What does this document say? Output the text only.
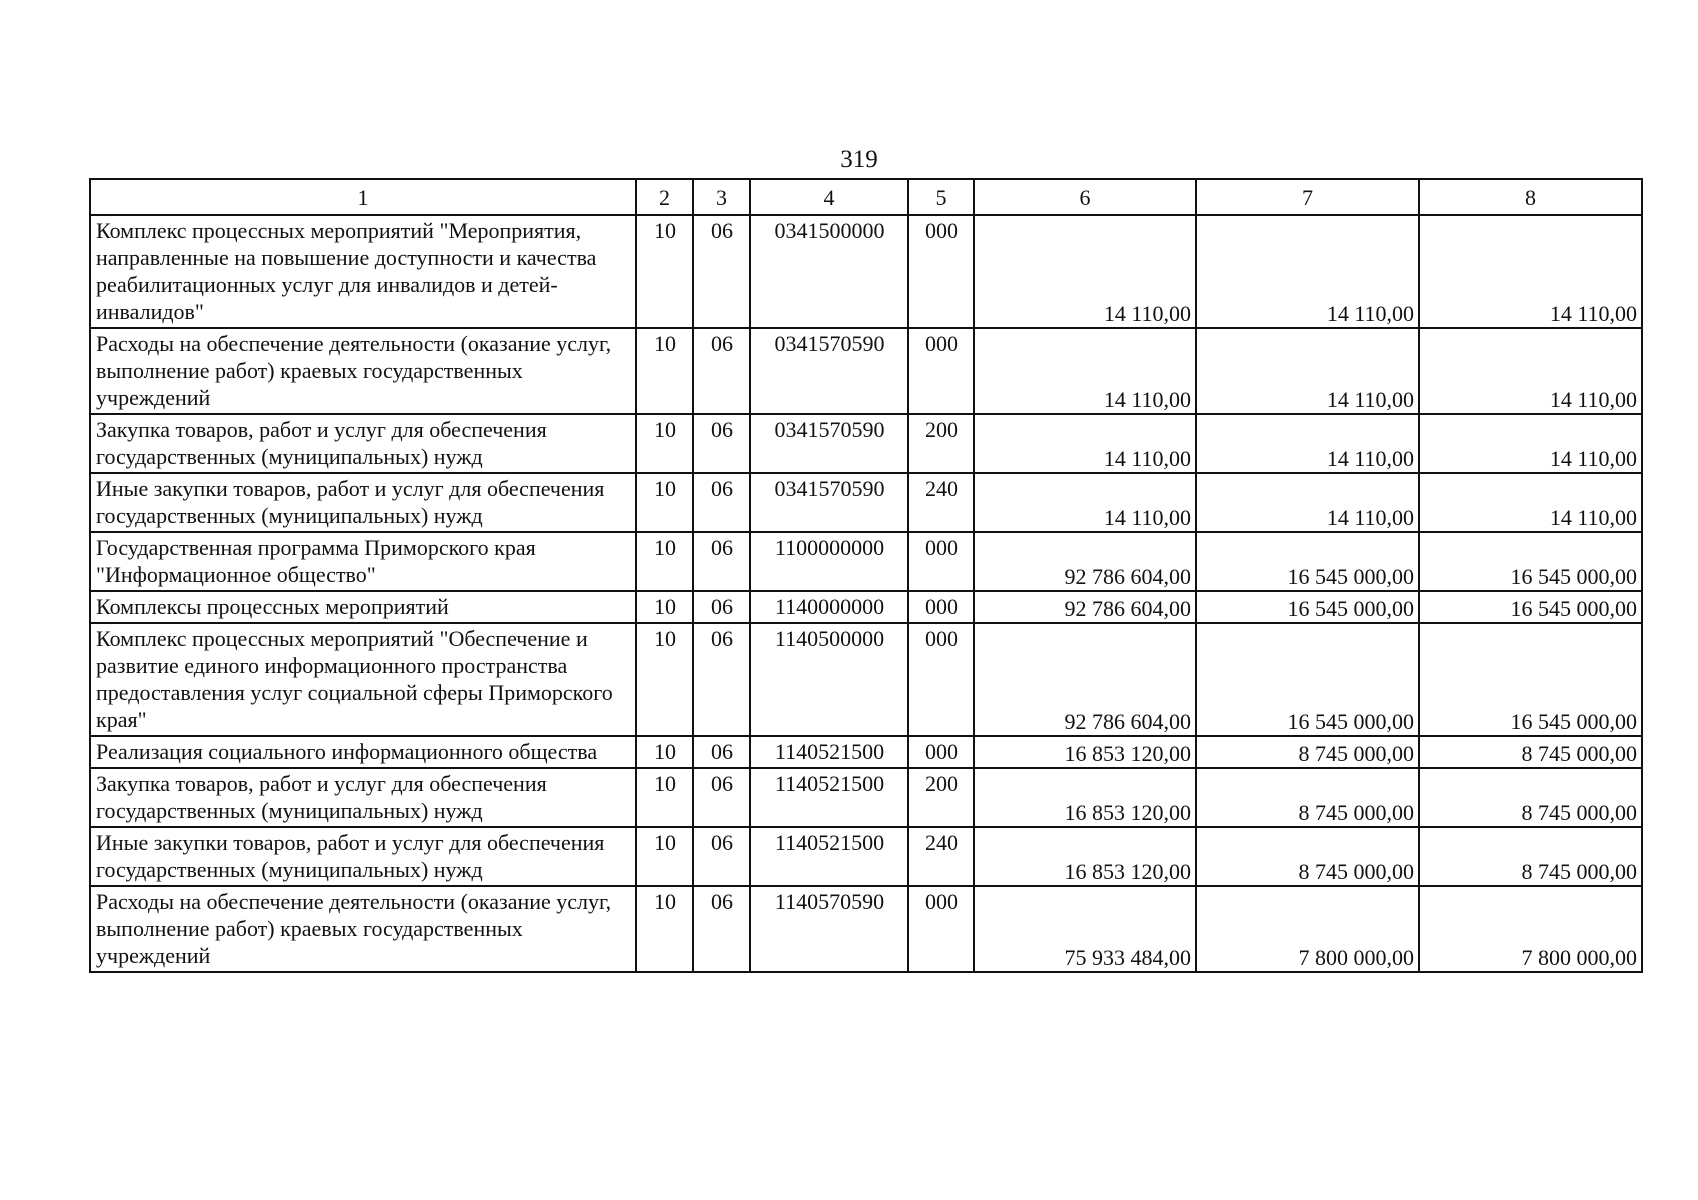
319
1	2	3	4	5	6	7	8
Комплекс процессных мероприятий "Мероприятия, направленные на повышение доступности и качества реабилитационных услуг для инвалидов и детей-инвалидов"	10	06	0341500000	000	14 110,00	14 110,00	14 110,00
Расходы на обеспечение деятельности (оказание услуг, выполнение работ) краевых государственных учреждений	10	06	0341570590	000	14 110,00	14 110,00	14 110,00
Закупка товаров, работ и услуг для обеспечения государственных (муниципальных) нужд	10	06	0341570590	200	14 110,00	14 110,00	14 110,00
Иные закупки товаров, работ и услуг для обеспечения государственных (муниципальных) нужд	10	06	0341570590	240	14 110,00	14 110,00	14 110,00
Государственная программа Приморского края "Информационное общество"	10	06	1100000000	000	92 786 604,00	16 545 000,00	16 545 000,00
Комплексы процессных мероприятий	10	06	1140000000	000	92 786 604,00	16 545 000,00	16 545 000,00
Комплекс процессных мероприятий "Обеспечение и развитие единого информационного пространства предоставления услуг социальной сферы Приморского края"	10	06	1140500000	000	92 786 604,00	16 545 000,00	16 545 000,00
Реализация социального информационного общества	10	06	1140521500	000	16 853 120,00	8 745 000,00	8 745 000,00
Закупка товаров, работ и услуг для обеспечения государственных (муниципальных) нужд	10	06	1140521500	200	16 853 120,00	8 745 000,00	8 745 000,00
Иные закупки товаров, работ и услуг для обеспечения государственных (муниципальных) нужд	10	06	1140521500	240	16 853 120,00	8 745 000,00	8 745 000,00
Расходы на обеспечение деятельности (оказание услуг, выполнение работ) краевых государственных учреждений	10	06	1140570590	000	75 933 484,00	7 800 000,00	7 800 000,00
